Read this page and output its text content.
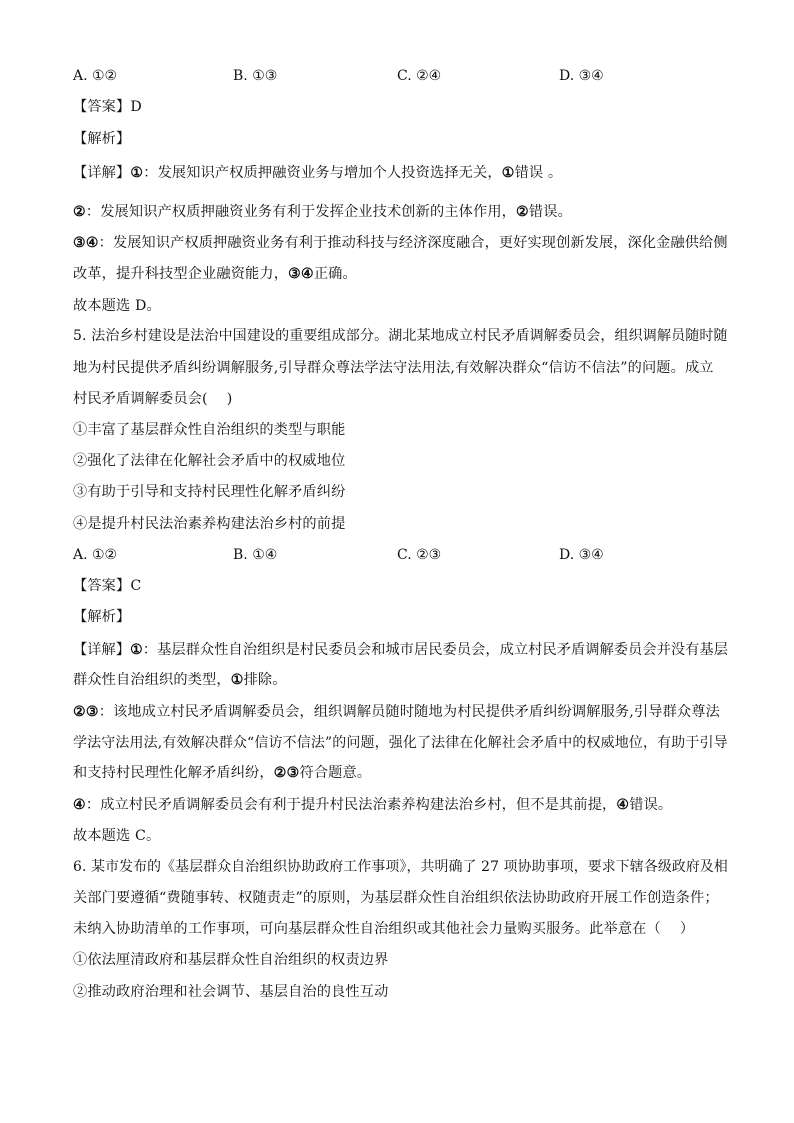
A. ①②	B. ①③	C. ②④	D. ③④
【答案】D
【解析】
【详解】①：发展知识产权质押融资业务与增加个人投资选择无关，①错误 。
②：发展知识产权质押融资业务有利于发挥企业技术创新的主体作用，②错误。
③④：发展知识产权质押融资业务有利于推动科技与经济深度融合，更好实现创新发展，深化金融供给侧
改革，提升科技型企业融资能力，③④正确。
故本题选 D。
5. 法治乡村建设是法治中国建设的重要组成部分。湖北某地成立村民矛盾调解委员会，组织调解员随时随
地为村民提供矛盾纠纷调解服务,引导群众尊法学法守法用法,有效解决群众“信访不信法”的问题。成立
村民矛盾调解委员会(　 )
①丰富了基层群众性自治组织的类型与职能
②强化了法律在化解社会矛盾中的权威地位
③有助于引导和支持村民理性化解矛盾纠纷
④是提升村民法治素养构建法治乡村的前提
A. ①②	B. ①④	C. ②③	D. ③④
【答案】C
【解析】
【详解】①：基层群众性自治组织是村民委员会和城市居民委员会，成立村民矛盾调解委员会并没有基层
群众性自治组织的类型，①排除。
②③：该地成立村民矛盾调解委员会，组织调解员随时随地为村民提供矛盾纠纷调解服务,引导群众尊法
学法守法用法,有效解决群众“信访不信法”的问题，强化了法律在化解社会矛盾中的权威地位，有助于引导
和支持村民理性化解矛盾纠纷，②③符合题意。
④：成立村民矛盾调解委员会有利于提升村民法治素养构建法治乡村，但不是其前提，④错误。
故本题选 C。
6. 某市发布的《基层群众自治组织协助政府工作事项》，共明确了 27 项协助事项，要求下辖各级政府及相
关部门要遵循“费随事转、权随责走”的原则，为基层群众性自治组织依法协助政府开展工作创造条件；
未纳入协助清单的工作事项，可向基层群众性自治组织或其他社会力量购买服务。此举意在（　 ）
①依法厘清政府和基层群众性自治组织的权责边界
②推动政府治理和社会调节、基层自治的良性互动
